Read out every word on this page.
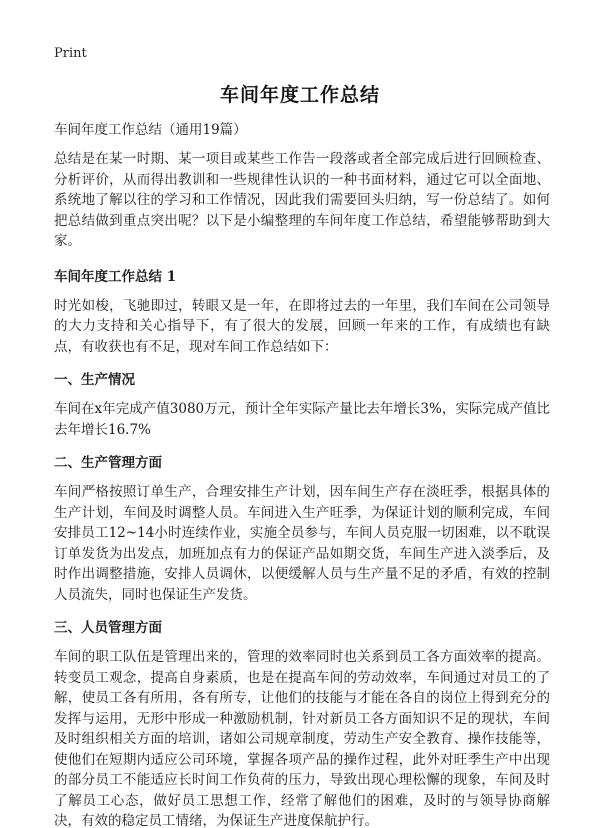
Print
车间年度工作总结

车间年度工作总结（通用19篇）

总结是在某一时期、某一项目或某些工作告一段落或者全部完成后进行回顾检查、分析评价，从而得出教训和一些规律性认识的一种书面材料，通过它可以全面地、系统地了解以往的学习和工作情况，因此我们需要回头归纳，写一份总结了。如何把总结做到重点突出呢？以下是小编整理的车间年度工作总结，希望能够帮助到大家。

车间年度工作总结 1

时光如梭，飞驰即过，转眼又是一年，在即将过去的一年里，我们车间在公司领导的大力支持和关心指导下，有了很大的发展，回顾一年来的工作，有成绩也有缺点，有收获也有不足，现对车间工作总结如下：

一、生产情况

车间在x年完成产值3080万元，预计全年实际产量比去年增长3%，实际完成产值比去年增长16.7%

二、生产管理方面

车间严格按照订单生产，合理安排生产计划，因车间生产存在淡旺季，根据具体的生产计划，车间及时调整人员。车间进入生产旺季，为保证计划的顺利完成，车间安排员工12~14小时连续作业，实施全员参与，车间人员克服一切困难，以不耽误订单发货为出发点，加班加点有力的保证产品如期交货，车间生产进入淡季后，及时作出调整措施，安排人员调休，以便缓解人员与生产量不足的矛盾，有效的控制人员流失，同时也保证生产发货。

三、人员管理方面

车间的职工队伍是管理出来的，管理的效率同时也关系到员工各方面效率的提高。转变员工观念，提高自身素质，也是在提高车间的劳动效率，车间通过对员工的了解，使员工各有所用，各有所专，让他们的技能与才能在各自的岗位上得到充分的发挥与运用，无形中形成一种激励机制，针对新员工各方面知识不足的现状，车间及时组织相关方面的培训，诸如公司规章制度，劳动生产安全教育、操作技能等，使他们在短期内适应公司环境，掌握各项产品的操作过程，此外对旺季生产中出现的部分员工不能适应长时间工作负荷的压力，导致出现心理松懈的现象，车间及时了解员工心态，做好员工思想工作，经常了解他们的困难，及时的与领导协商解决，有效的稳定员工情绪，为保证生产进度保航护行。
